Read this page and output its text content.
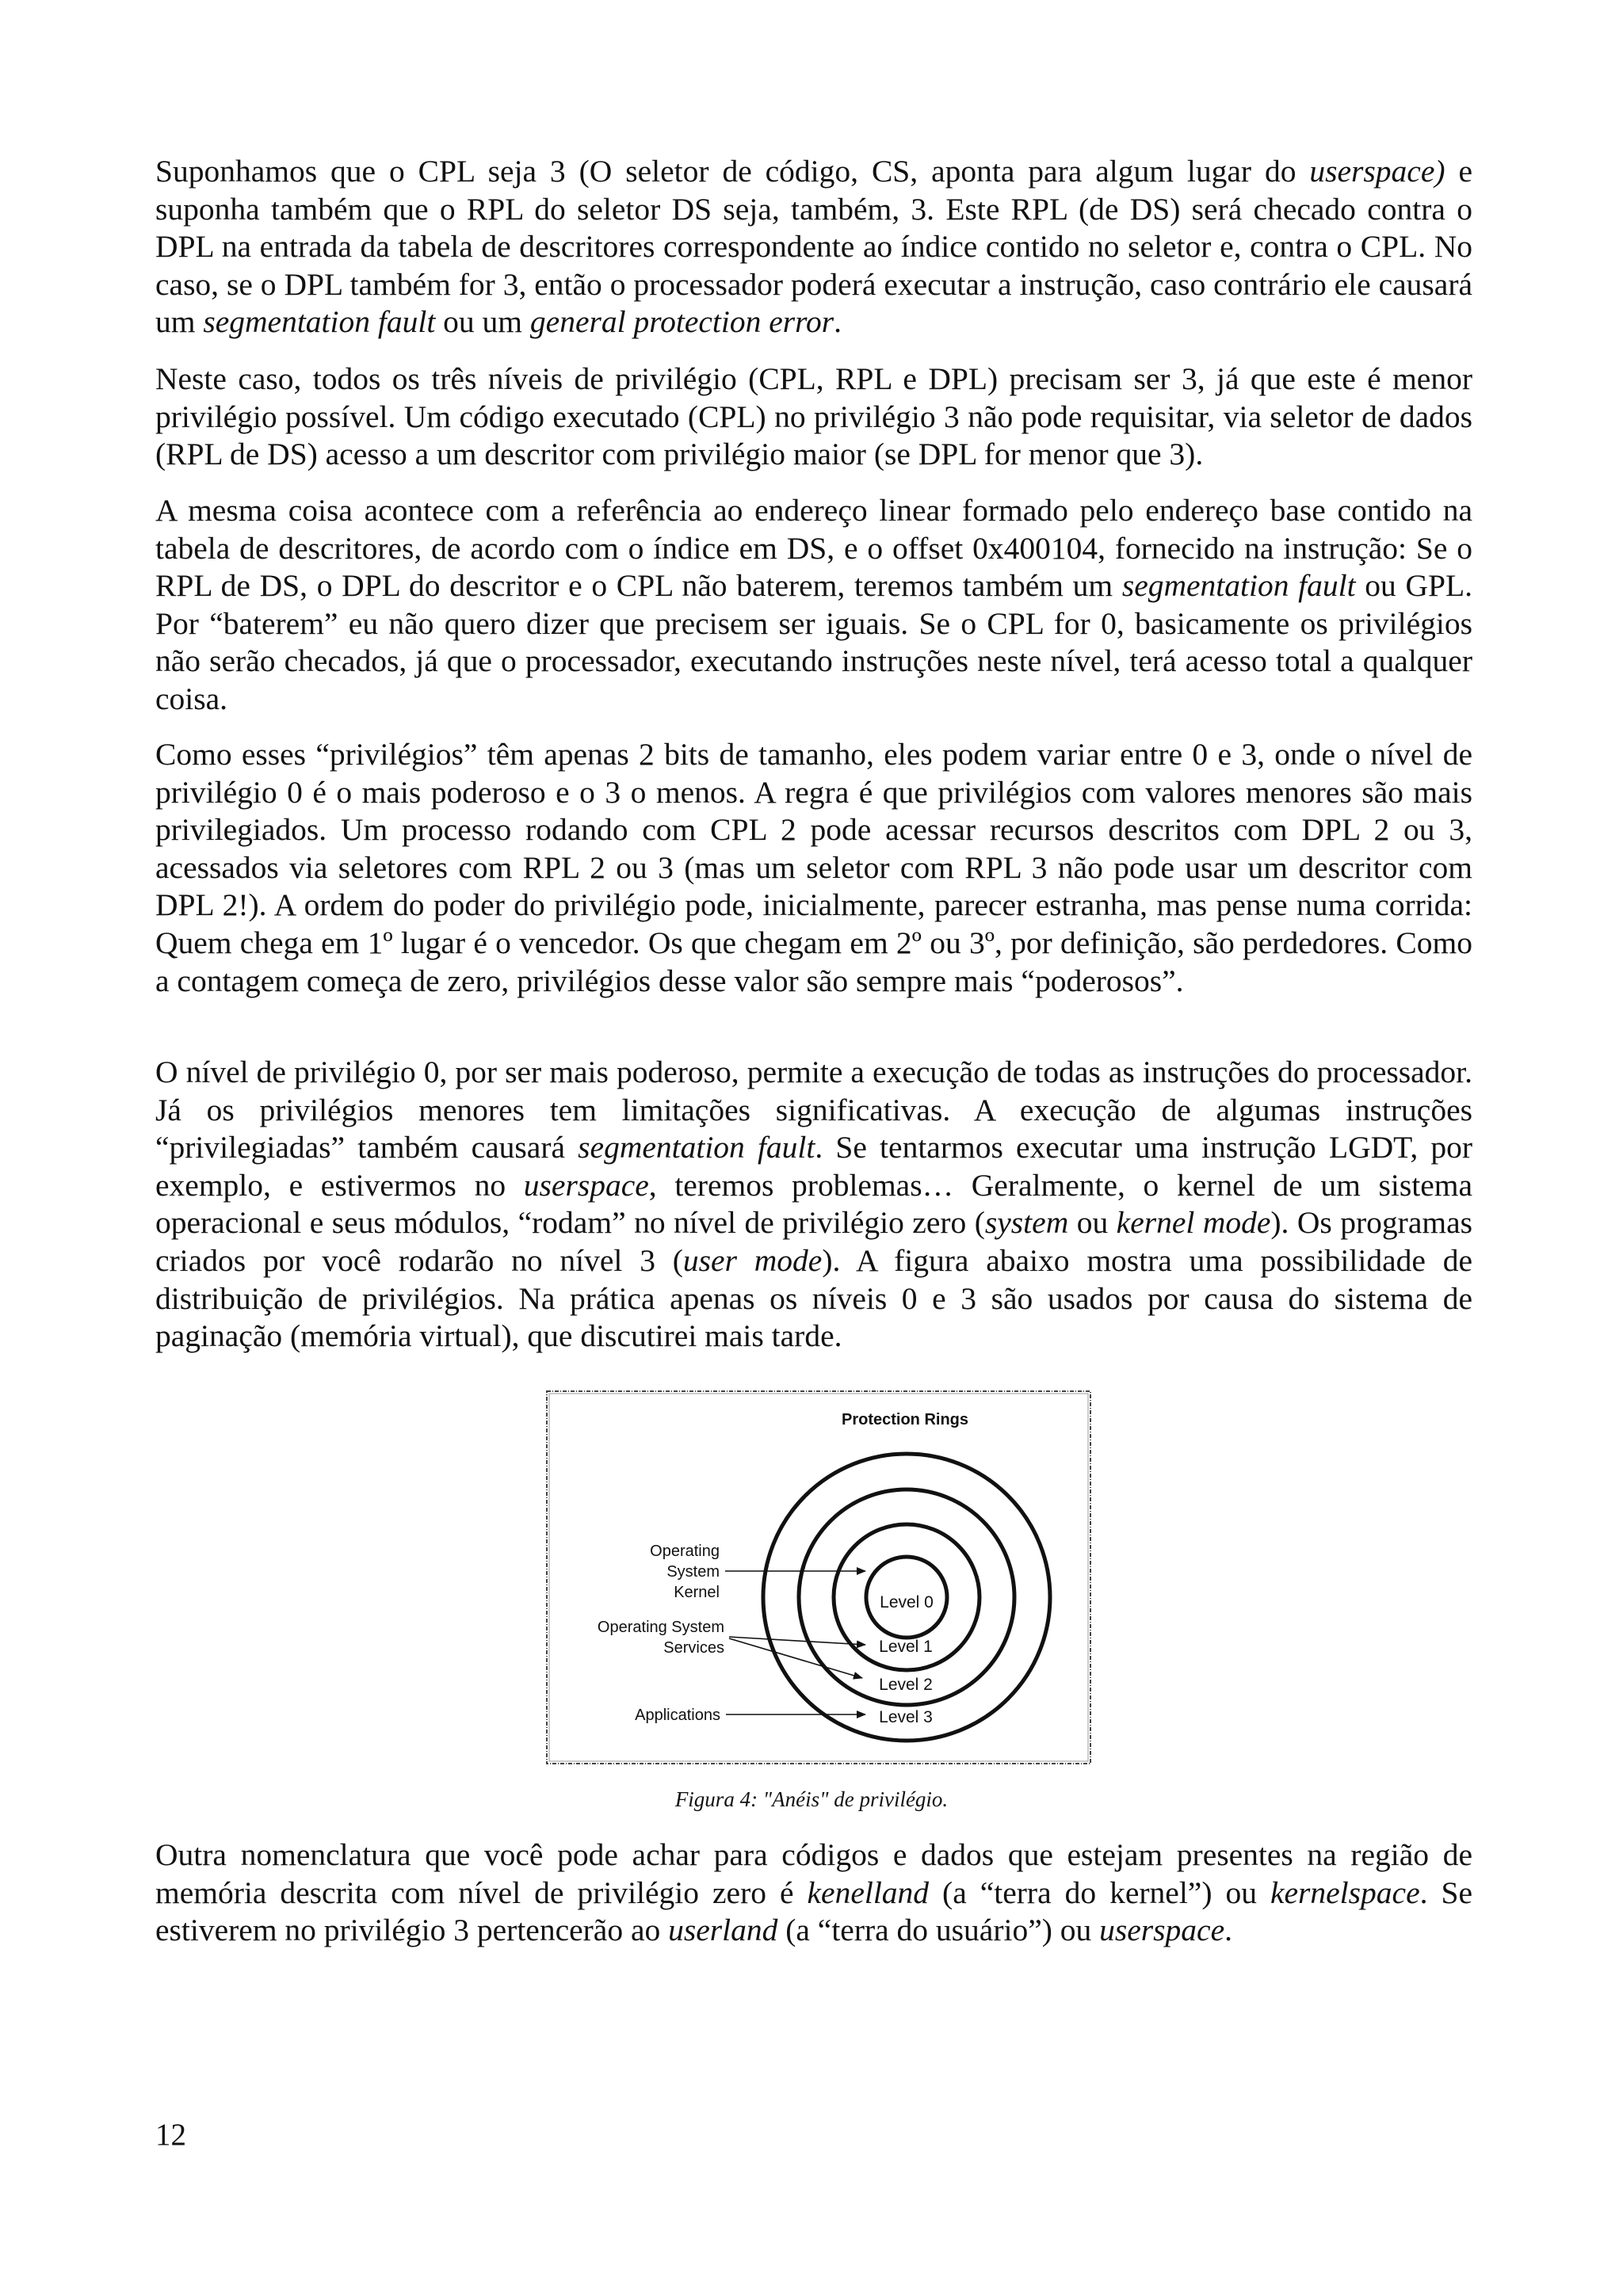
Suponhamos que o CPL seja 3 (O seletor de código, CS, aponta para algum lugar do userspace) e suponha também que o RPL do seletor DS seja, também, 3. Este RPL (de DS) será checado contra o DPL na entrada da tabela de descritores correspondente ao índice contido no seletor e, contra o CPL. No caso, se o DPL também for 3, então o processador poderá executar a instrução, caso contrário ele causará um segmentation fault ou um general protection error.

Neste caso, todos os três níveis de privilégio (CPL, RPL e DPL) precisam ser 3, já que este é menor privilégio possível. Um código executado (CPL) no privilégio 3 não pode requisitar, via seletor de dados (RPL de DS) acesso a um descritor com privilégio maior (se DPL for menor que 3).

A mesma coisa acontece com a referência ao endereço linear formado pelo endereço base contido na tabela de descritores, de acordo com o índice em DS, e o offset 0x400104, fornecido na instrução: Se o RPL de DS, o DPL do descritor e o CPL não baterem, teremos também um segmentation fault ou GPL. Por “baterem” eu não quero dizer que precisem ser iguais. Se o CPL for 0, basicamente os privilégios não serão checados, já que o processador, executando instruções neste nível, terá acesso total a qualquer coisa.

Como esses “privilégios” têm apenas 2 bits de tamanho, eles podem variar entre 0 e 3, onde o nível de privilégio 0 é o mais poderoso e o 3 o menos. A regra é que privilégios com valores menores são mais privilegiados. Um processo rodando com CPL 2 pode acessar recursos descritos com DPL 2 ou 3, acessados via seletores com RPL 2 ou 3 (mas um seletor com RPL 3 não pode usar um descritor com DPL 2!). A ordem do poder do privilégio pode, inicialmente, parecer estranha, mas pense numa corrida: Quem chega em 1º lugar é o vencedor. Os que chegam em 2º ou 3º, por definição, são perdedores. Como a contagem começa de zero, privilégios desse valor são sempre mais “poderosos”.

O nível de privilégio 0, por ser mais poderoso, permite a execução de todas as instruções do processador. Já os privilégios menores tem limitações significativas. A execução de algumas instruções “privilegiadas” também causará segmentation fault. Se tentarmos executar uma instrução LGDT, por exemplo, e estivermos no userspace, teremos problemas… Geralmente, o kernel de um sistema operacional e seus módulos, “rodam” no nível de privilégio zero (system ou kernel mode). Os programas criados por você rodarão no nível 3 (user mode). A figura abaixo mostra uma possibilidade de distribuição de privilégios. Na prática apenas os níveis 0 e 3 são usados por causa do sistema de paginação (memória virtual), que discutirei mais tarde.

Protection Rings
Level 0
Level 1
Level 2
Level 3
Operating
System
Kernel
Operating System
Services
Applications
Figura 4: "Anéis" de privilégio.

Outra nomenclatura que você pode achar para códigos e dados que estejam presentes na região de memória descrita com nível de privilégio zero é kenelland (a “terra do kernel”) ou kernelspace. Se estiverem no privilégio 3 pertencerão ao userland (a “terra do usuário”) ou userspace.

12
